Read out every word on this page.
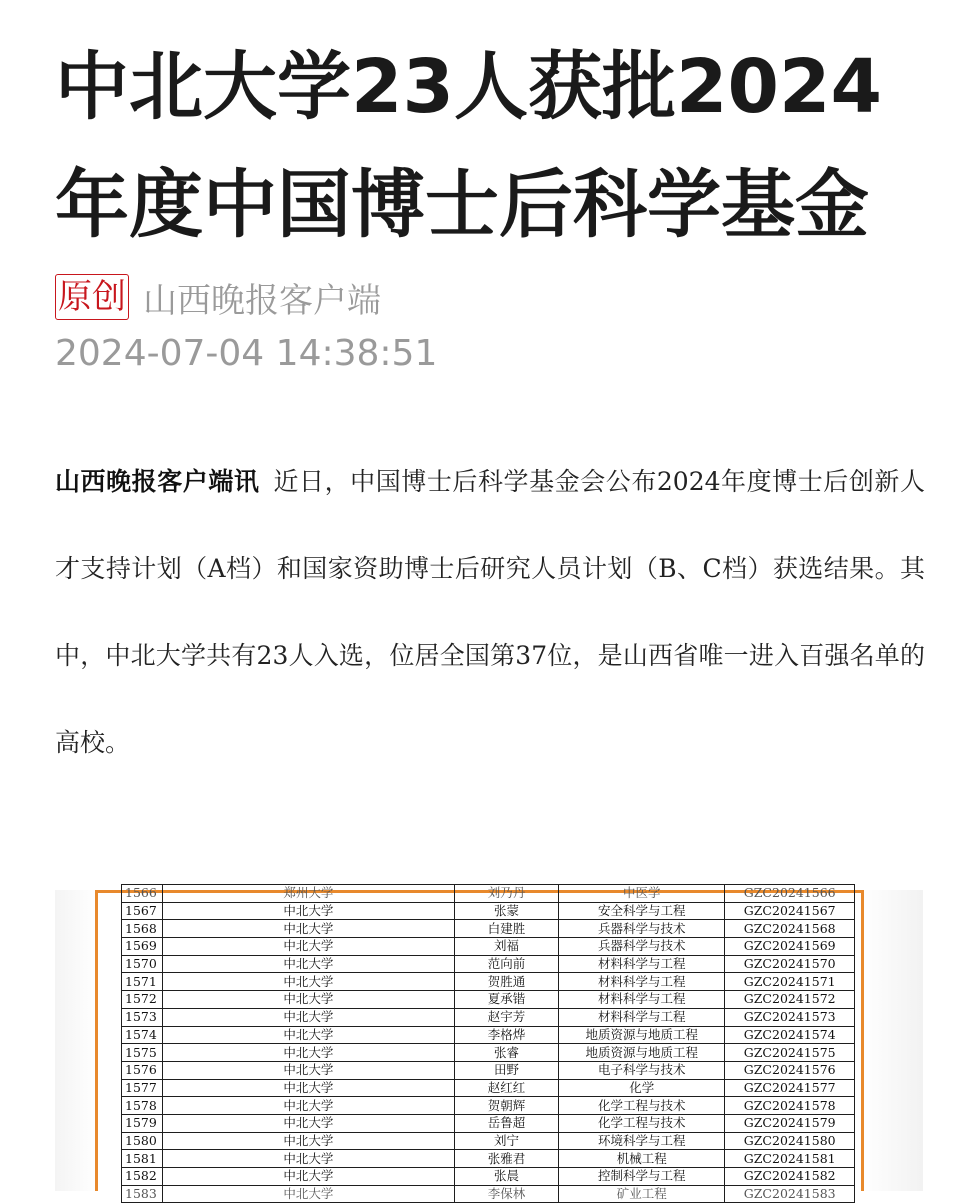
中北大学23人获批2024
年度中国博士后科学基金
原创 山西晚报客户端
2024-07-04 14:38:51

山西晚报客户端讯 近日，中国博士后科学基金会公布2024年度博士后创新人才支持计划（A档）和国家资助博士后研究人员计划（B、C档）获选结果。其中，中北大学共有23人入选，位居全国第37位，是山西省唯一进入百强名单的高校。

1566	郑州大学	刘乃丹	中医学	GZC20241566
1567	中北大学	张蒙	安全科学与工程	GZC20241567
1568	中北大学	白建胜	兵器科学与技术	GZC20241568
1569	中北大学	刘福	兵器科学与技术	GZC20241569
1570	中北大学	范向前	材料科学与工程	GZC20241570
1571	中北大学	贺胜通	材料科学与工程	GZC20241571
1572	中北大学	夏承锴	材料科学与工程	GZC20241572
1573	中北大学	赵宇芳	材料科学与工程	GZC20241573
1574	中北大学	李格烨	地质资源与地质工程	GZC20241574
1575	中北大学	张睿	地质资源与地质工程	GZC20241575
1576	中北大学	田野	电子科学与技术	GZC20241576
1577	中北大学	赵红红	化学	GZC20241577
1578	中北大学	贺朝辉	化学工程与技术	GZC20241578
1579	中北大学	岳鲁超	化学工程与技术	GZC20241579
1580	中北大学	刘宁	环境科学与工程	GZC20241580
1581	中北大学	张雅君	机械工程	GZC20241581
1582	中北大学	张晨	控制科学与工程	GZC20241582
1583	中北大学	李保林	矿业工程	GZC20241583
